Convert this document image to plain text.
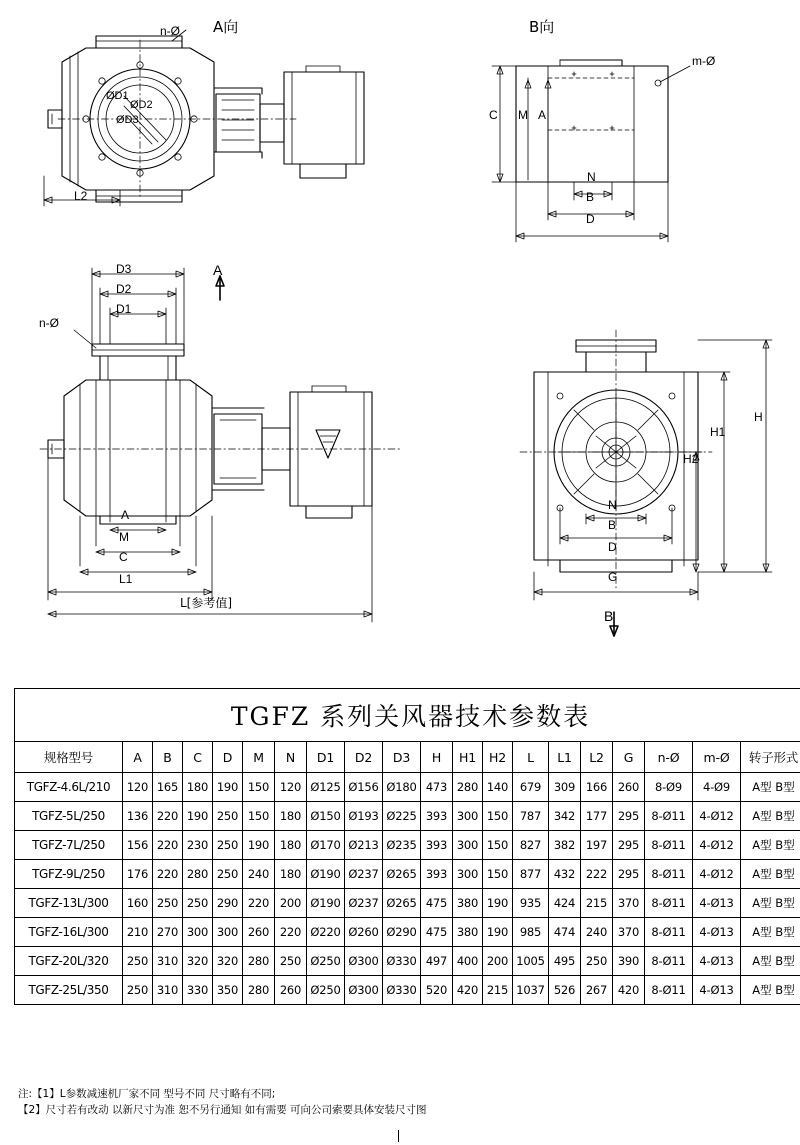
A向	B向
n-Ø
m-Ø
ØD1
ØD2
ØD3
L2
C M A
N
B
D
D3
D2
D1
n-Ø
A
A
M
C
L1
L[参考值]
H
H1
H2
N
B
D
G
B
TGFZ 系列关风器技术参数表																			
规格型号	A	B	C	D	M	N	D1	D2	D3	H	H1	H2	L	L1	L2	G	n-Ø	m-Ø	转子形式
TGFZ-4.6L/210	120	165	180	190	150	120	Ø125	Ø156	Ø180	473	280	140	679	309	166	260	8-Ø9	4-Ø9	A型 B型
TGFZ-5L/250	136	220	190	250	150	180	Ø150	Ø193	Ø225	393	300	150	787	342	177	295	8-Ø11	4-Ø12	A型 B型
TGFZ-7L/250	156	220	230	250	190	180	Ø170	Ø213	Ø235	393	300	150	827	382	197	295	8-Ø11	4-Ø12	A型 B型
TGFZ-9L/250	176	220	280	250	240	180	Ø190	Ø237	Ø265	393	300	150	877	432	222	295	8-Ø11	4-Ø12	A型 B型
TGFZ-13L/300	160	250	250	290	220	200	Ø190	Ø237	Ø265	475	380	190	935	424	215	370	8-Ø11	4-Ø13	A型 B型
TGFZ-16L/300	210	270	300	300	260	220	Ø220	Ø260	Ø290	475	380	190	985	474	240	370	8-Ø11	4-Ø13	A型 B型
TGFZ-20L/320	250	310	320	320	280	250	Ø250	Ø300	Ø330	497	400	200	1005	495	250	390	8-Ø11	4-Ø13	A型 B型
TGFZ-25L/350	250	310	330	350	280	260	Ø250	Ø300	Ø330	520	420	215	1037	526	267	420	8-Ø11	4-Ø13	A型 B型
注:【1】L参数减速机厂家不同 型号不同 尺寸略有不同;
【2】尺寸若有改动 以新尺寸为准 恕不另行通知 如有需要 可向公司索要具体安装尺寸图
